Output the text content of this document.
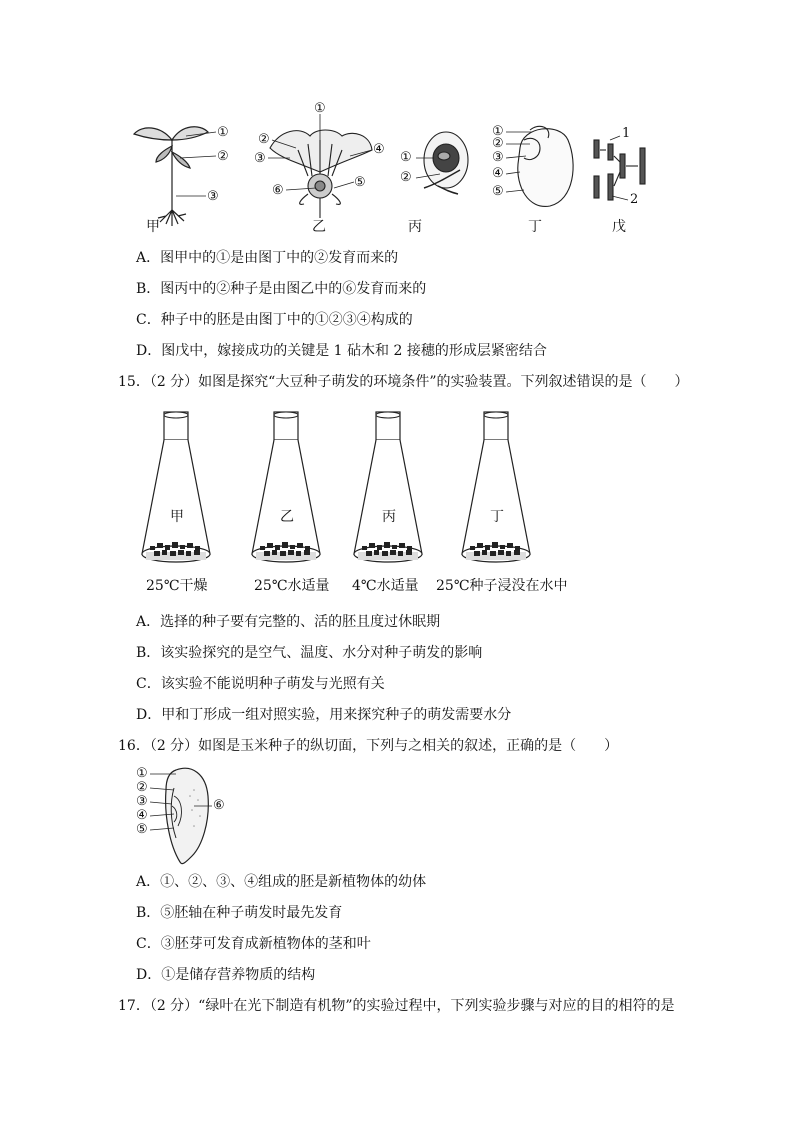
①
②
③
①
②
③
④
⑤
⑥
①
②
①
②
③
④
⑤
1
2
甲	乙	丙	丁	戊
A．图甲中的①是由图丁中的②发育而来的
B．图丙中的②种子是由图乙中的⑥发育而来的
C．种子中的胚是由图丁中的①②③④构成的
D．图戊中，嫁接成功的关键是 1 砧木和 2 接穗的形成层紧密结合
15．（2 分）如图是探究“大豆种子萌发的环境条件”的实验装置。下列叙述错误的是（　　）
甲	乙	丙	丁
25℃干燥	25℃水适量 4℃水适量 25℃种子浸没在水中
A．选择的种子要有完整的、活的胚且度过休眠期
B．该实验探究的是空气、温度、水分对种子萌发的影响
C．该实验不能说明种子萌发与光照有关
D．甲和丁形成一组对照实验，用来探究种子的萌发需要水分
16．（2 分）如图是玉米种子的纵切面，下列与之相关的叙述，正确的是（　　）
①
②
③
④
⑤
⑥
A．①、②、③、④组成的胚是新植物体的幼体
B．⑤胚轴在种子萌发时最先发育
C．③胚芽可发育成新植物体的茎和叶
D．①是储存营养物质的结构
17．（2 分）“绿叶在光下制造有机物”的实验过程中，下列实验步骤与对应的目的相符的是
